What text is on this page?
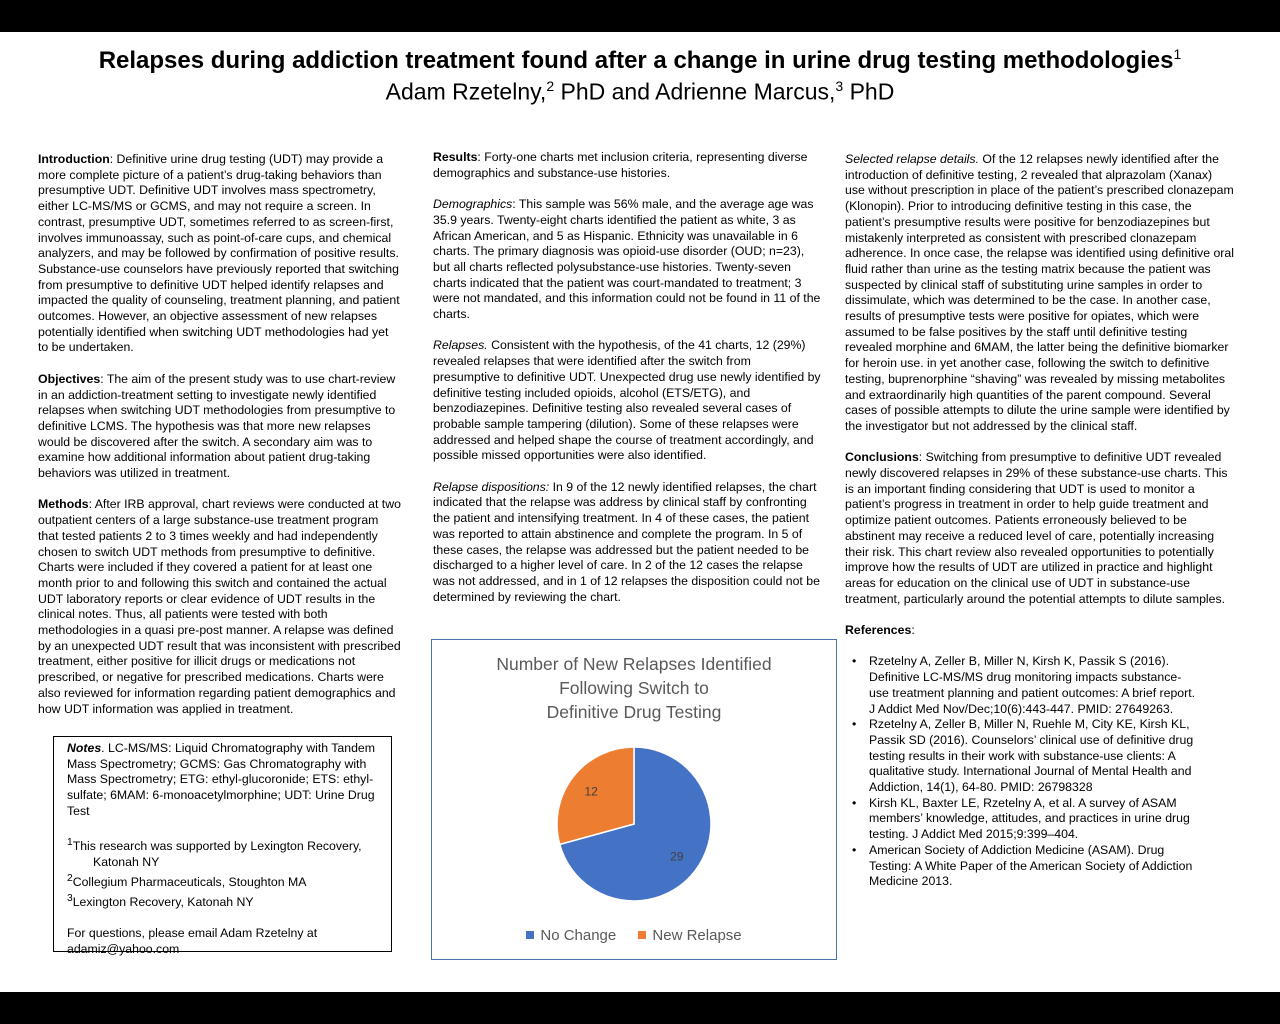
Relapses during addiction treatment found after a change in urine drug testing methodologies$^1$
Adam Rzetelny,$^2$ PhD and Adrienne Marcus,$^3$ PhD

Introduction: Definitive urine drug testing (UDT) may provide a more complete picture of a patient’s drug-taking behaviors than presumptive UDT. Definitive UDT involves mass spectrometry, either LC-MS/MS or GCMS, and may not require a screen. In contrast, presumptive UDT, sometimes referred to as screen-first, involves immunoassay, such as point-of-care cups, and chemical analyzers, and may be followed by confirmation of positive results. Substance-use counselors have previously reported that switching from presumptive to definitive UDT helped identify relapses and impacted the quality of counseling, treatment planning, and patient outcomes. However, an objective assessment of new relapses potentially identified when switching UDT methodologies had yet to be undertaken.

Objectives: The aim of the present study was to use chart-review in an addiction-treatment setting to investigate newly identified relapses when switching UDT methodologies from presumptive to definitive LCMS. The hypothesis was that more new relapses would be discovered after the switch. A secondary aim was to examine how additional information about patient drug-taking behaviors was utilized in treatment.

Methods: After IRB approval, chart reviews were conducted at two outpatient centers of a large substance-use treatment program that tested patients 2 to 3 times weekly and had independently chosen to switch UDT methods from presumptive to definitive. Charts were included if they covered a patient for at least one month prior to and following this switch and contained the actual UDT laboratory reports or clear evidence of UDT results in the clinical notes. Thus, all patients were tested with both methodologies in a quasi pre-post manner. A relapse was defined by an unexpected UDT result that was inconsistent with prescribed treatment, either positive for illicit drugs or medications not prescribed, or negative for prescribed medications. Charts were also reviewed for information regarding patient demographics and how UDT information was applied in treatment.

Notes. LC-MS/MS: Liquid Chromatography with Tandem Mass Spectrometry; GCMS: Gas Chromatography with Mass Spectrometry; ETG: ethyl-glucoronide; ETS: ethyl-sulfate; 6MAM: 6-monoacetylmorphine; UDT: Urine Drug Test

$^1$This research was supported by Lexington Recovery,
Katonah NY
$^2$Collegium Pharmaceuticals, Stoughton MA
$^3$Lexington Recovery, Katonah NY
For questions, please email Adam Rzetelny at adamiz@yahoo.com

Results: Forty-one charts met inclusion criteria, representing diverse demographics and substance-use histories.

Demographics: This sample was 56% male, and the average age was 35.9 years. Twenty-eight charts identified the patient as white, 3 as African American, and 5 as Hispanic. Ethnicity was unavailable in 6 charts. The primary diagnosis was opioid-use disorder (OUD; n=23), but all charts reflected polysubstance-use histories. Twenty-seven charts indicated that the patient was court-mandated to treatment; 3 were not mandated, and this information could not be found in 11 of the charts.

Relapses. Consistent with the hypothesis, of the 41 charts, 12 (29%) revealed relapses that were identified after the switch from presumptive to definitive UDT. Unexpected drug use newly identified by definitive testing included opioids, alcohol (ETS/ETG), and benzodiazepines. Definitive testing also revealed several cases of probable sample tampering (dilution). Some of these relapses were addressed and helped shape the course of treatment accordingly, and possible missed opportunities were also identified.

Relapse dispositions: In 9 of the 12 newly identified relapses, the chart indicated that the relapse was address by clinical staff by confronting the patient and intensifying treatment. In 4 of these cases, the patient was reported to attain abstinence and complete the program. In 5 of these cases, the relapse was addressed but the patient needed to be discharged to a higher level of care. In 2 of the 12 cases the relapse was not addressed, and in 1 of 12 relapses the disposition could not be determined by reviewing the chart.

Number of New Relapses Identified
Following Switch to
Definitive Drug Testing
29
12
No Change New Relapse

Selected relapse details. Of the 12 relapses newly identified after the introduction of definitive testing, 2 revealed that alprazolam (Xanax) use without prescription in place of the patient’s prescribed clonazepam (Klonopin). Prior to introducing definitive testing in this case, the patient’s presumptive results were positive for benzodiazepines but mistakenly interpreted as consistent with prescribed clonazepam adherence. In once case, the relapse was identified using definitive oral fluid rather than urine as the testing matrix because the patient was suspected by clinical staff of substituting urine samples in order to dissimulate, which was determined to be the case. In another case, results of presumptive tests were positive for opiates, which were assumed to be false positives by the staff until definitive testing revealed morphine and 6MAM, the latter being the definitive biomarker for heroin use. in yet another case, following the switch to definitive testing, buprenorphine “shaving” was revealed by missing metabolites and extraordinarily high quantities of the parent compound. Several cases of possible attempts to dilute the urine sample were identified by the investigator but not addressed by the clinical staff.

Conclusions: Switching from presumptive to definitive UDT revealed newly discovered relapses in 29% of these substance-use charts. This is an important finding considering that UDT is used to monitor a patient’s progress in treatment in order to help guide treatment and optimize patient outcomes. Patients erroneously believed to be abstinent may receive a reduced level of care, potentially increasing their risk. This chart review also revealed opportunities to potentially improve how the results of UDT are utilized in practice and highlight areas for education on the clinical use of UDT in substance-use treatment, particularly around the potential attempts to dilute samples.

References:

• Rzetelny A, Zeller B, Miller N, Kirsh K, Passik S (2016). Definitive LC-MS/MS drug monitoring impacts substance-use treatment planning and patient outcomes: A brief report. J Addict Med Nov/Dec;10(6):443-447. PMID: 27649263.
• Rzetelny A, Zeller B, Miller N, Ruehle M, City KE, Kirsh KL, Passik SD (2016). Counselors’ clinical use of definitive drug testing results in their work with substance-use clients: A qualitative study. International Journal of Mental Health and Addiction, 14(1), 64-80. PMID: 26798328
• Kirsh KL, Baxter LE, Rzetelny A, et al. A survey of ASAM members’ knowledge, attitudes, and practices in urine drug testing. J Addict Med 2015;9:399–404.
• American Society of Addiction Medicine (ASAM). Drug Testing: A White Paper of the American Society of Addiction Medicine 2013.
